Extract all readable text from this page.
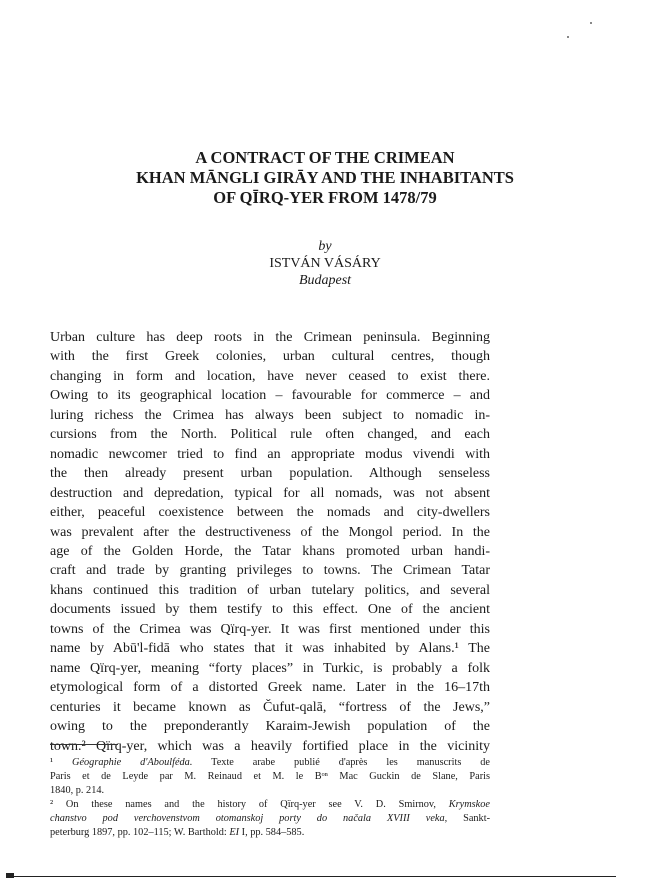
A CONTRACT OF THE CRIMEAN
KHAN MĀNGLI GIRĀY AND THE INHABITANTS
OF QĪRQ-YER FROM 1478/79
by
ISTVÁN VÁSÁRY
Budapest
Urban culture has deep roots in the Crimean peninsula. Beginning
with the first Greek colonies, urban cultural centres, though
changing in form and location, have never ceased to exist there.
Owing to its geographical location – favourable for commerce – and
luring richess the Crimea has always been subject to nomadic in-
cursions from the North. Political rule often changed, and each
nomadic newcomer tried to find an appropriate modus vivendi with
the then already present urban population. Although senseless
destruction and depredation, typical for all nomads, was not absent
either, peaceful coexistence between the nomads and city-dwellers
was prevalent after the destructiveness of the Mongol period. In the
age of the Golden Horde, the Tatar khans promoted urban handi-
craft and trade by granting privileges to towns. The Crimean Tatar
khans continued this tradition of urban tutelary politics, and several
documents issued by them testify to this effect. One of the ancient
towns of the Crimea was Qïrq-yer. It was first mentioned under this
name by Abū'l-fidā who states that it was inhabited by Alans.¹ The
name Qïrq-yer, meaning “forty places” in Turkic, is probably a folk
etymological form of a distorted Greek name. Later in the 16–17th
centuries it became known as Čufut-qalā, “fortress of the Jews,”
owing to the preponderantly Karaim-Jewish population of the
town.² Qïrq-yer, which was a heavily fortified place in the vicinity
¹ Géographie d'Aboulféda. Texte arabe publié d'après les manuscrits de
Paris et de Leyde par M. Reinaud et M. le Bᵒⁿ Mac Guckin de Slane, Paris
1840, p. 214.
² On these names and the history of Qïrq-yer see V. D. Smirnov, Krymskoe
chanstvo pod verchovenstvom otomanskoj porty do načala XVIII veka, Sankt-
peterburg 1897, pp. 102–115; W. Barthold: EI I, pp. 584–585.
